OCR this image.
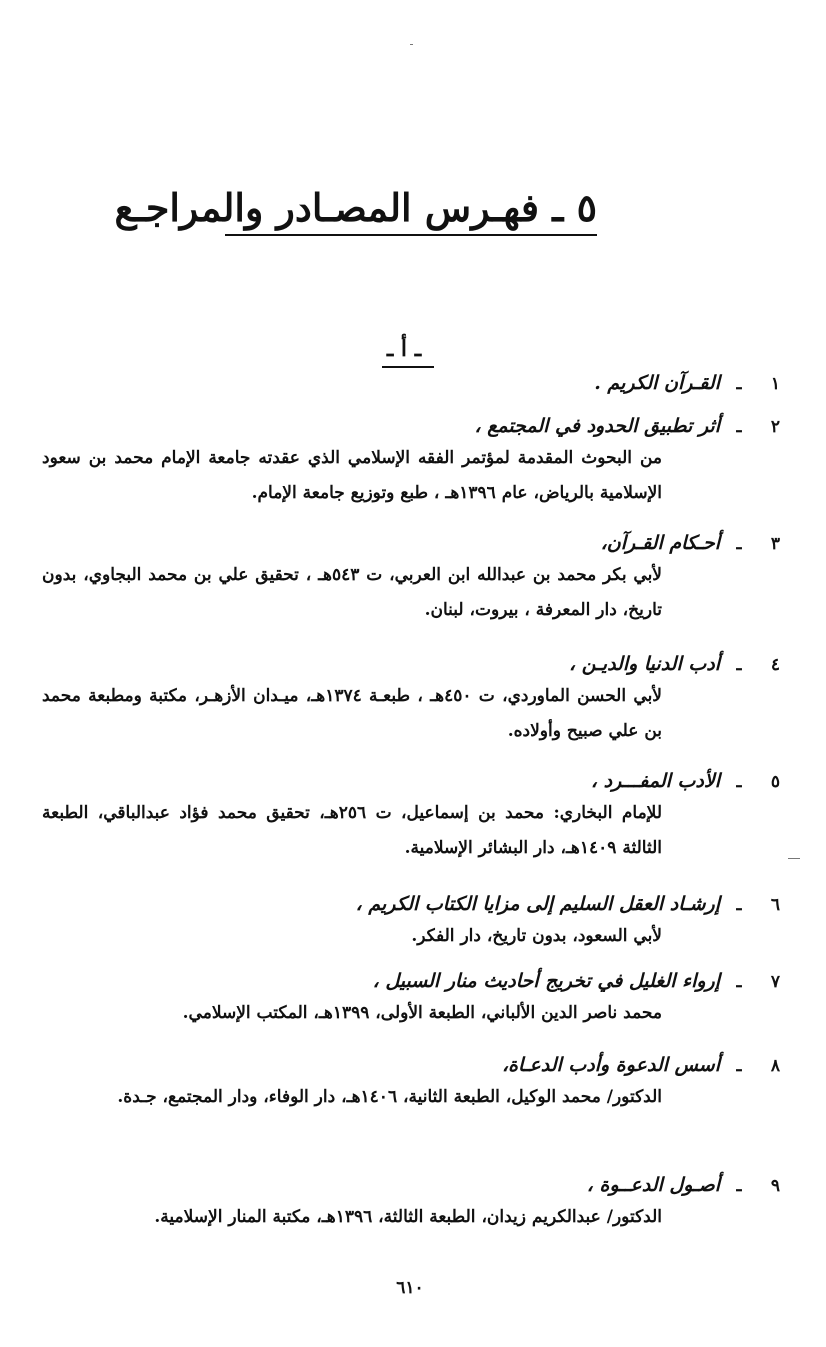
٥ ـ فهـرس المصـادر والمراجـع
ـ أ ـ
١
ـ
القـرآن الكريم .
٢
ـ
أثر تطبيق الحدود في المجتمع ،
من البحوث المقدمة لمؤتمر الفقه الإسلامي الذي عقدته جامعة الإمام محمد بن سعود الإسلامية بالرياض، عام ١٣٩٦هـ ، طبع وتوزيع جامعة الإمام.
٣
ـ
أحـكام القـرآن،
لأبي بكر محمد بن عبدالله ابن العربي، ت ٥٤٣هـ ، تحقيق علي بن محمد البجاوي، بدون تاريخ، دار المعرفة ، بيروت، لبنان.
٤
ـ
أدب الدنيا والديـن ،
لأبي الحسن الماوردي، ت ٤٥٠هـ ، طبعـة ١٣٧٤هـ، ميـدان الأزهـر، مكتبة ومطبعة محمد بن علي صبيح وأولاده.
٥
ـ
الأدب المفـــرد ،
للإمام البخاري: محمد بن إسماعيل، ت ٢٥٦هـ، تحقيق محمد فؤاد عبدالباقي، الطبعة الثالثة ١٤٠٩هـ، دار البشائر الإسلامية.
٦
ـ
إرشـاد العقل السليم إلى مزايا الكتاب الكريم ،
لأبي السعود، بدون تاريخ، دار الفكر.
٧
ـ
إرواء الغليل في تخريج أحاديث منار السبيل ،
محمد ناصر الدين الألباني، الطبعة الأولى، ١٣٩٩هـ، المكتب الإسلامي.
٨
ـ
أسس الدعوة وأدب الدعـاة،
الدكتور/ محمد الوكيل، الطبعة الثانية، ١٤٠٦هـ، دار الوفاء، ودار المجتمع، جـدة.
٩
ـ
أصـول الدعــوة ،
الدكتور/ عبدالكريم زيدان، الطبعة الثالثة، ١٣٩٦هـ، مكتبة المنار الإسلامية.
٦١٠
